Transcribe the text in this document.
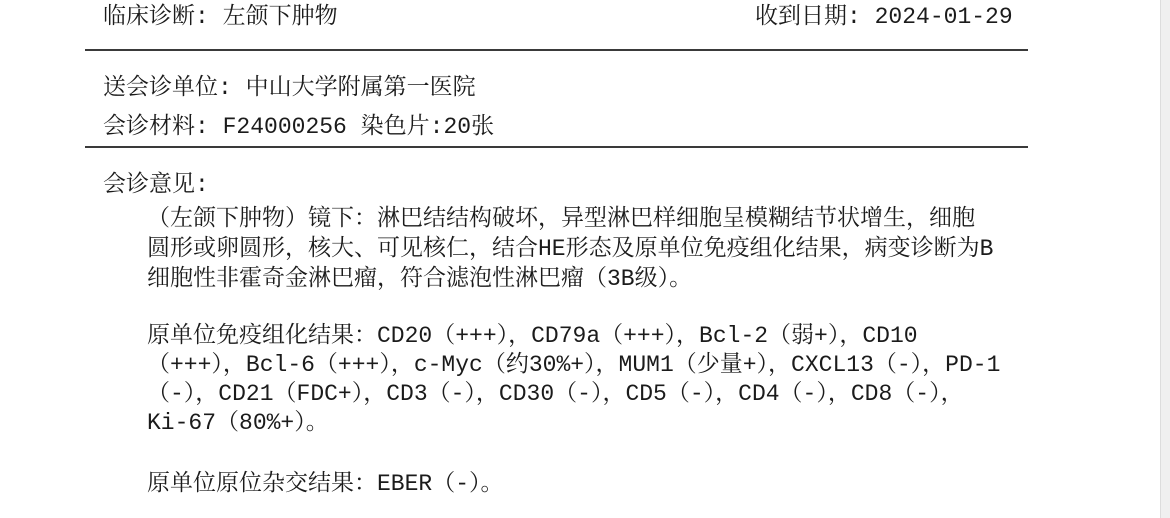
临床诊断: 左颌下肿物	收到日期: 2024-01-29
送会诊单位: 中山大学附属第一医院
会诊材料: F24000256 染色片:20张
会诊意见:
（左颌下肿物）镜下：淋巴结结构破坏，异型淋巴样细胞呈模糊结节状增生，细胞
圆形或卵圆形，核大、可见核仁，结合HE形态及原单位免疫组化结果，病变诊断为B
细胞性非霍奇金淋巴瘤，符合滤泡性淋巴瘤（3B级）。
原单位免疫组化结果：CD20（+++），CD79a（+++），Bcl-2（弱+），CD10
（+++），Bcl-6（+++），c-Myc（约30%+），MUM1（少量+），CXCL13（-），PD-1
（-），CD21（FDC+），CD3（-），CD30（-），CD5（-），CD4（-），CD8（-），
Ki-67（80%+）。
原单位原位杂交结果：EBER（-）。
